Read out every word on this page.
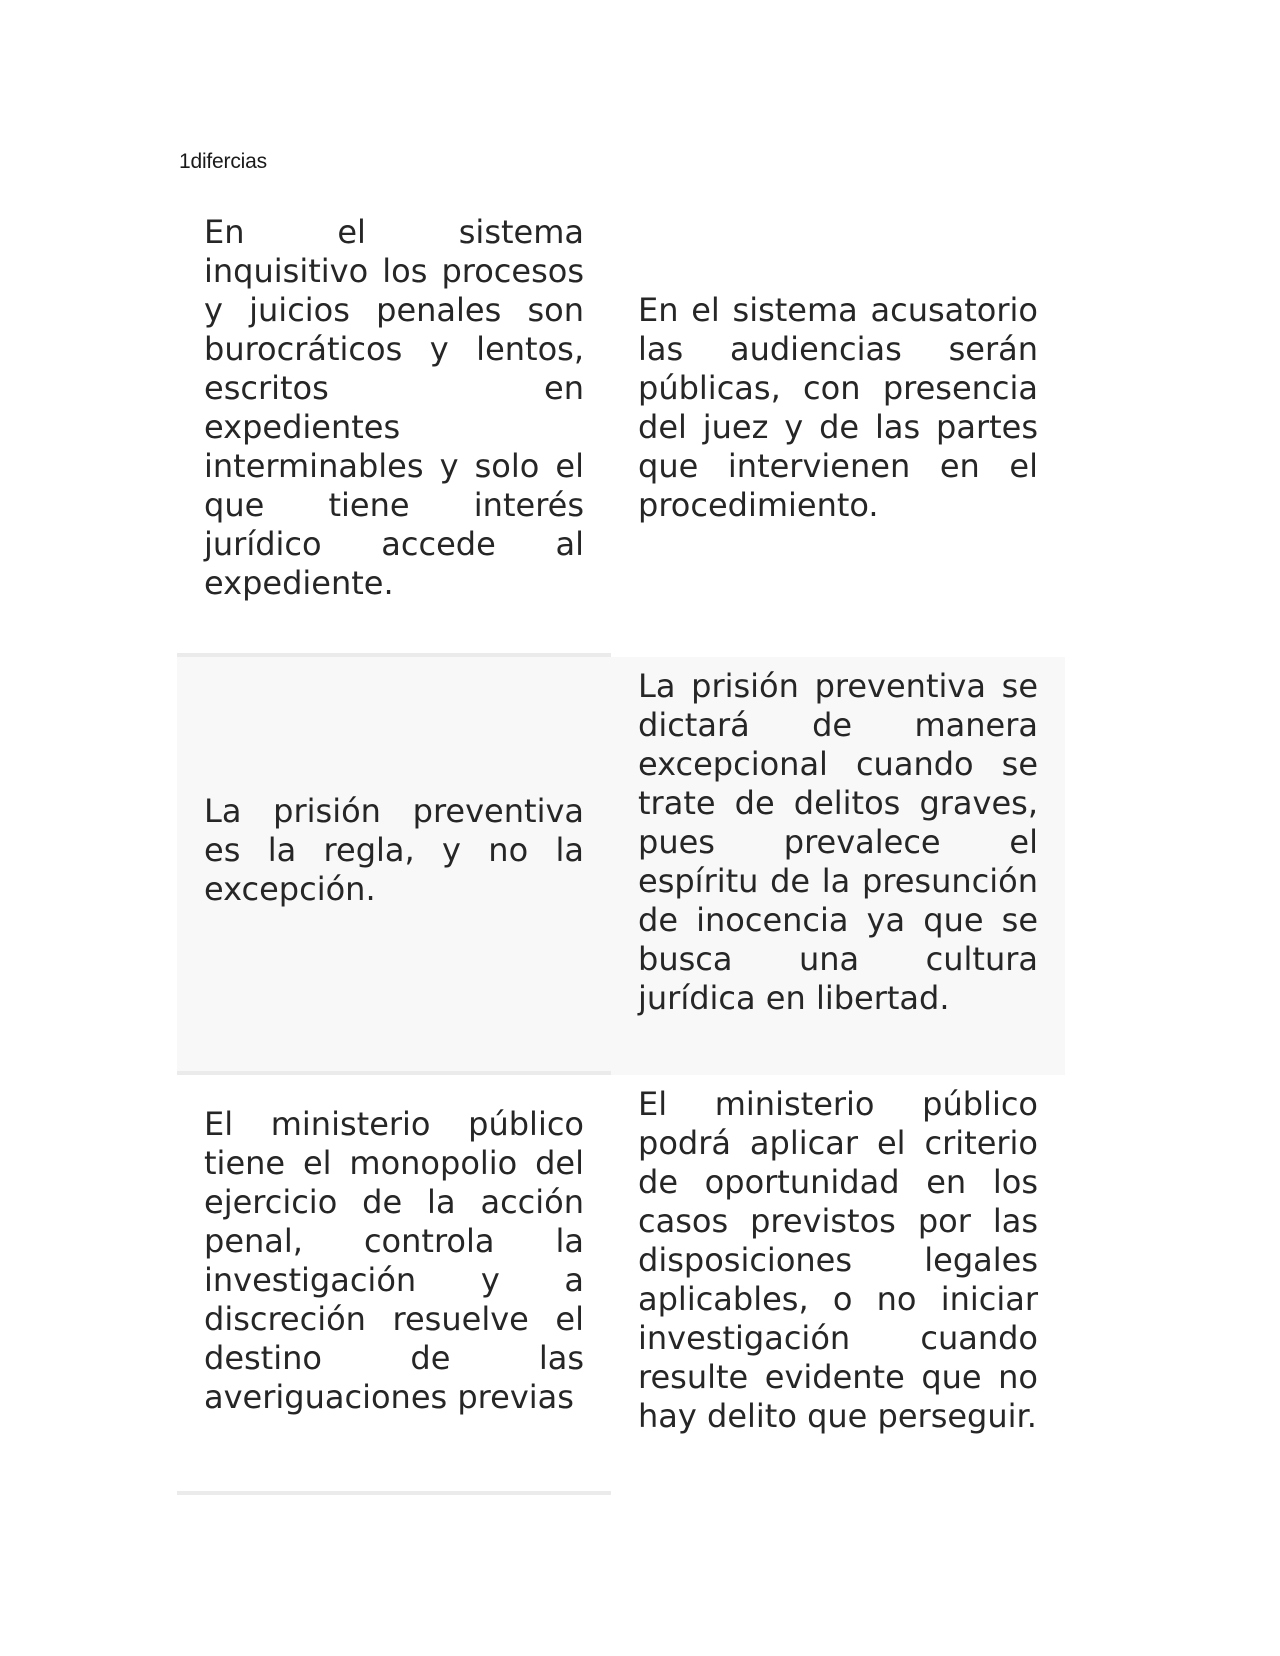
1difercias

En el sistema inquisitivo los procesos y juicios penales son burocráticos y lentos, escritos en expedientes interminables y solo el que tiene interés jurídico accede al expediente.

En el sistema acusatorio las audiencias serán públicas, con presencia del juez y de las partes que intervienen en el procedimiento.

La prisión preventiva es la regla, y no la excepción.

La prisión preventiva se dictará de manera excepcional cuando se trate de delitos graves, pues prevalece el espíritu de la presunción de inocencia ya que se busca una cultura jurídica en libertad.

El ministerio público tiene el monopolio del ejercicio de la acción penal, controla la investigación y a discreción resuelve el destino de las averiguaciones previas

El ministerio público podrá aplicar el criterio de oportunidad en los casos previstos por las disposiciones legales aplicables, o no iniciar investigación cuando resulte evidente que no hay delito que perseguir.
